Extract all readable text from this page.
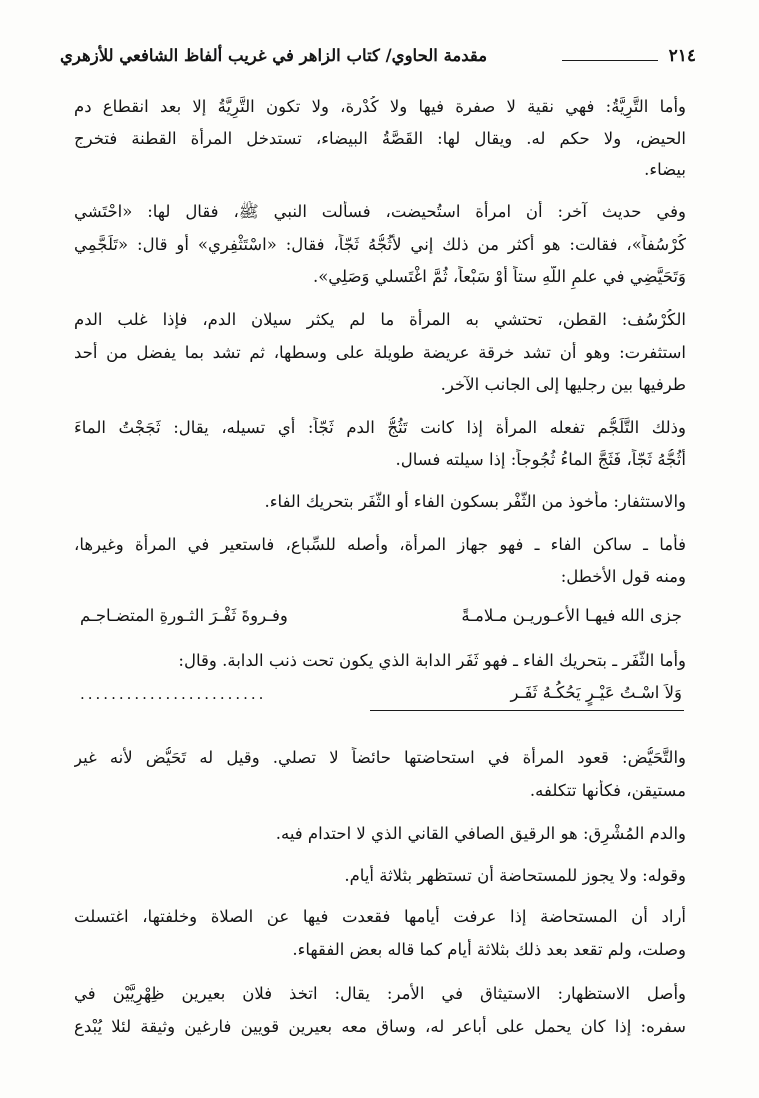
٢١٤
مقدمة الحاوي/ كتاب الزاهر في غريب ألفاظ الشافعي للأزهري
وأما التَّرِيَّةُ: فهي نقية لا صفرة فيها ولا كُدْرة، ولا تكون التَّرِيَّةُ إلا بعد انقطاع دم
الحيض، ولا حكم له. ويقال لها: القَصَّةُ البيضاء، تستدخل المرأة القطنة فتخرج
بيضاء.
وفي حديث آخر: أن امرأة استُحيضت، فسألت النبي ﷺ، فقال لها: «احْتَشي
كُرْسُفاً»، فقالت: هو أكثر من ذلك إني لأَثُجُّهُ ثَجّاً، فقال: «اسْتَثْفِري» أو قال: «تَلَجَّمِي
وَتَحَيَّضِي في علمِ اللَّهِ ستاً أَوْ سَبْعاً، ثُمَّ اغْتَسلي وَصَلِي».
الكُرْسُف: القطن، تحتشي به المرأة ما لم يكثر سيلان الدم، فإذا غلب الدم
استثفرت: وهو أن تشد خرقة عريضة طويلة على وسطها، ثم تشد بما يفضل من أحد
طرفيها بين رجليها إلى الجانب الآخر.
وذلك التَّلَجُّم تفعله المرأة إذا كانت تَثُجُّ الدم ثَجّاً: أي تسيله، يقال: ثَجَجْتُ الماءَ
أَثُجُّهُ ثَجّاً، فَثَجَّ الماءُ ثُجُوجاً: إذا سيلته فسال.
والاستثفار: مأخوذ من الثَّفْر بسكون الفاء أو الثَّفَر بتحريك الفاء.
فأما ـ ساكن الفاء ـ فهو جهاز المرأة، وأصله للسِّباع، فاستعير في المرأة وغيرها،
ومنه قول الأخطل:
جزى الله فيهـا الأعـوريـن مـلامـةً
وفـروةَ ثَفْـرَ الثـورةِ المتضـاجـم
وأما الثَّفَر ـ بتحريك الفاء ـ فهو ثَفَر الدابة الذي يكون تحت ذنب الدابة. وقال:
وَلاَ اسْـتُ عَيْـرٍ يَحُكُـهُ ثَفَـر
........................
والتَّحَيُّض: قعود المرأة في استحاضتها حائضاً لا تصلي. وقيل له تَحَيُّض لأنه غير
مستيقن، فكأنها تتكلفه.
والدم المُشْرِق: هو الرقيق الصافي القاني الذي لا احتدام فيه.
وقوله: ولا يجوز للمستحاضة أن تستظهر بثلاثة أيام.
أراد أن المستحاضة إذا عرفت أيامها فقعدت فيها عن الصلاة وخلفتها، اغتسلت
وصلت، ولم تقعد بعد ذلك بثلاثة أيام كما قاله بعض الفقهاء.
وأصل الاستظهار: الاستيثاق في الأمر: يقال: اتخذ فلان بعيرين ظِهْرِيَّيْن في
سفره: إذا كان يحمل على أباعر له، وساق معه بعيرين قويين فارغين وثيقة لئلا يُبْدع
